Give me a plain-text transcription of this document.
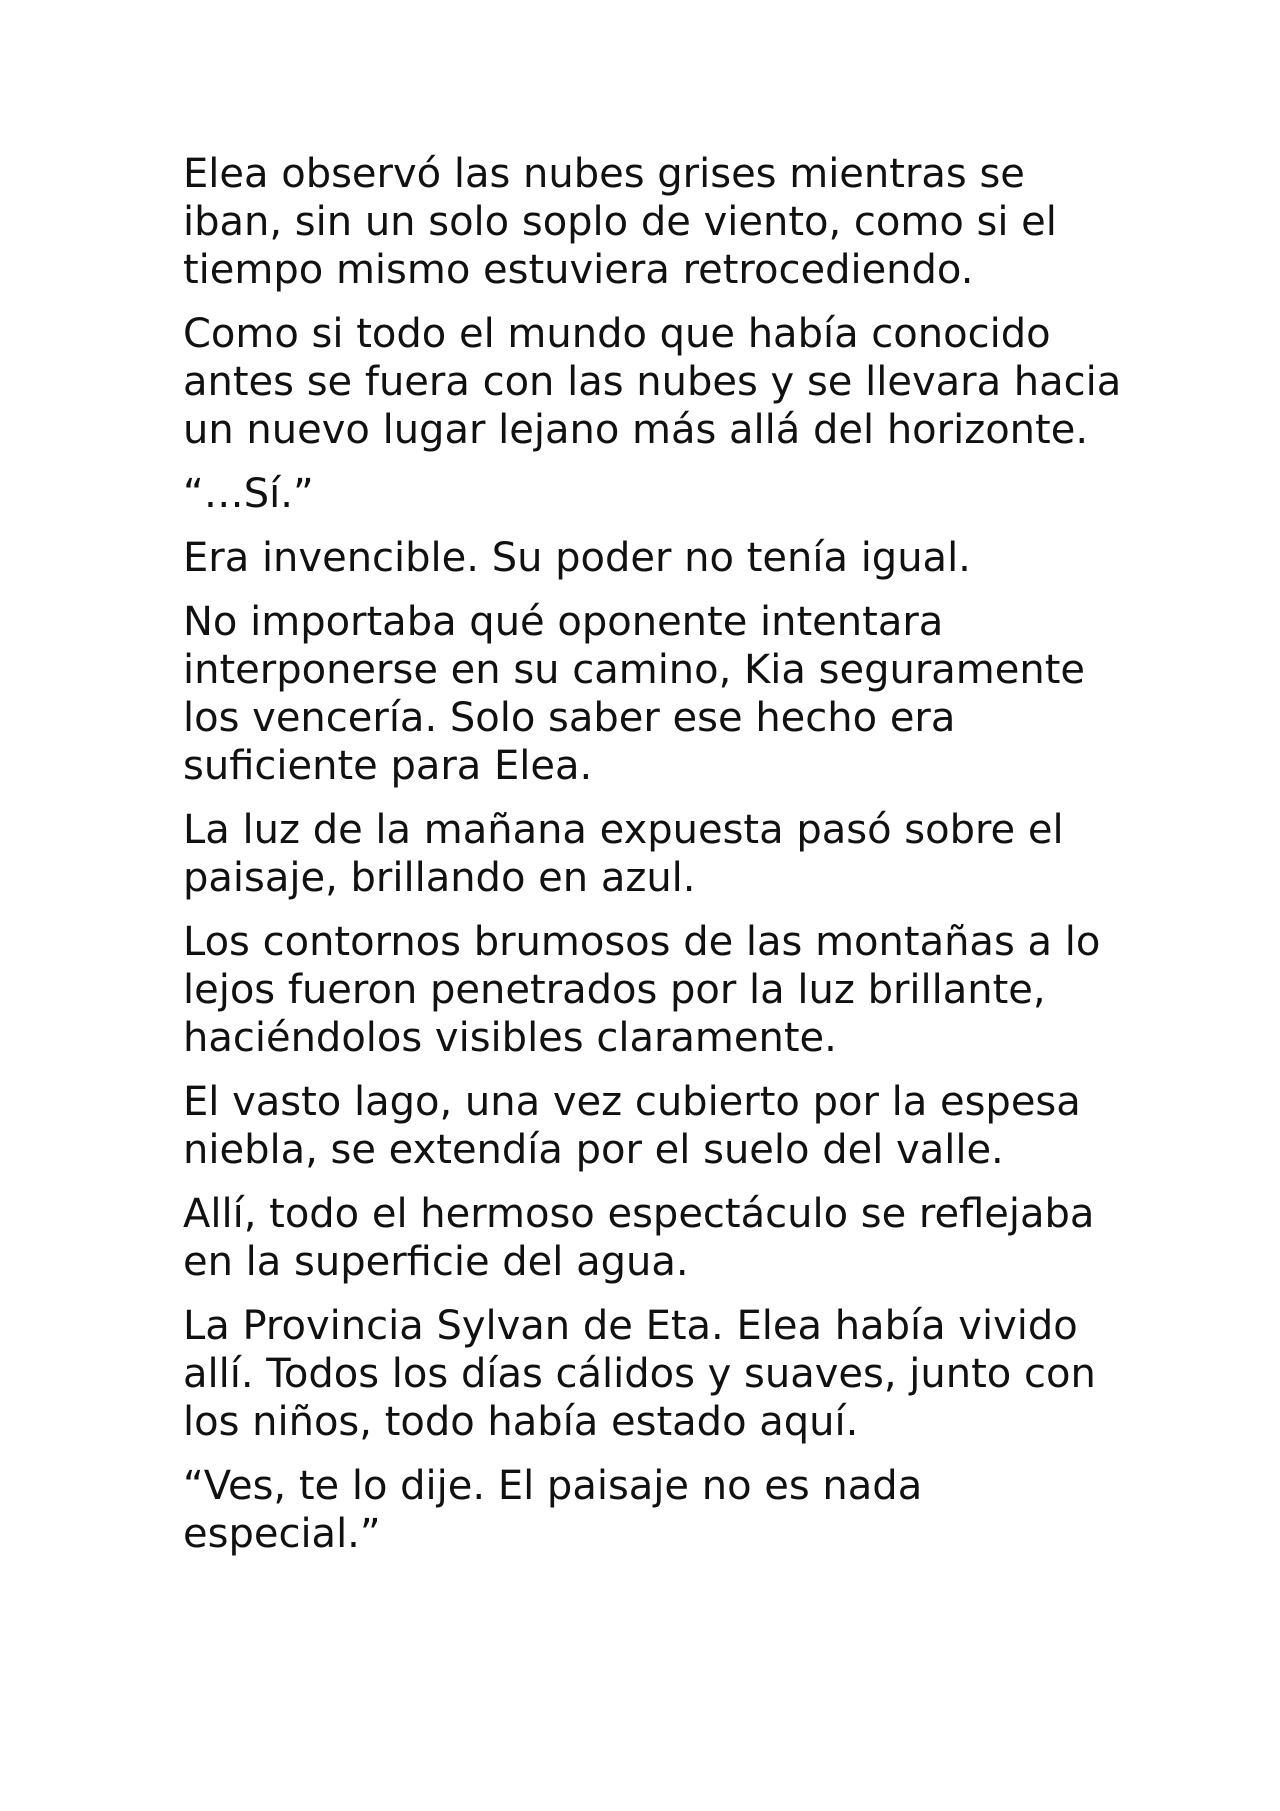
Elea observó las nubes grises mientras se iban, sin un solo soplo de viento, como si el tiempo mismo estuviera retrocediendo.

Como si todo el mundo que había conocido antes se fuera con las nubes y se llevara hacia un nuevo lugar lejano más allá del horizonte.

“…Sí.”

Era invencible. Su poder no tenía igual.

No importaba qué oponente intentara interponerse en su camino, Kia seguramente los vencería. Solo saber ese hecho era suficiente para Elea.

La luz de la mañana expuesta pasó sobre el paisaje, brillando en azul.

Los contornos brumosos de las montañas a lo lejos fueron penetrados por la luz brillante, haciéndolos visibles claramente.

El vasto lago, una vez cubierto por la espesa niebla, se extendía por el suelo del valle.

Allí, todo el hermoso espectáculo se reflejaba en la superficie del agua.

La Provincia Sylvan de Eta. Elea había vivido allí. Todos los días cálidos y suaves, junto con los niños, todo había estado aquí.

“Ves, te lo dije. El paisaje no es nada especial.”
